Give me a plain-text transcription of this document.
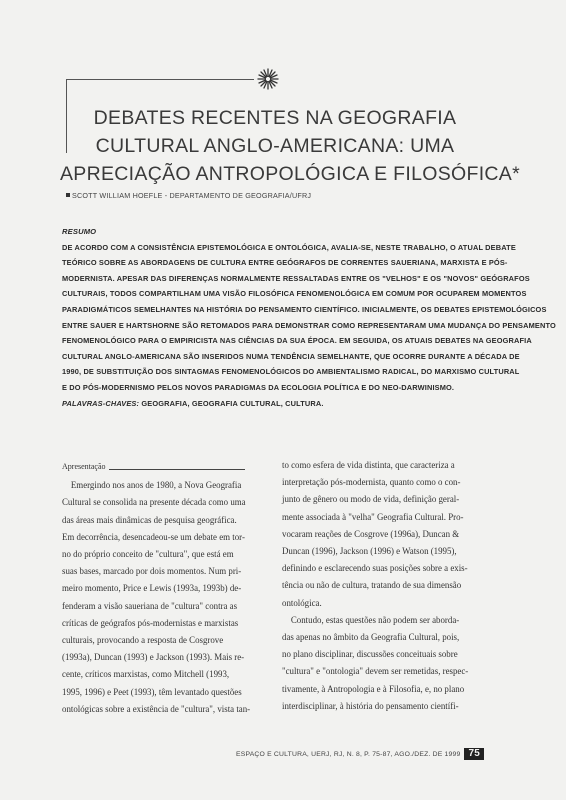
DEBATES RECENTES NA GEOGRAFIA
CULTURAL ANGLO-AMERICANA: UMA
APRECIAÇÃO ANTROPOLÓGICA E FILOSÓFICA*
SCOTT WILLIAM HOEFLE - DEPARTAMENTO DE GEOGRAFIA/UFRJ
RESUMO
DE ACORDO COM A CONSISTÊNCIA EPISTEMOLÓGICA E ONTOLÓGICA, AVALIA-SE, NESTE TRABALHO, O ATUAL DEBATE
TEÓRICO SOBRE AS ABORDAGENS DE CULTURA ENTRE GEÓGRAFOS DE CORRENTES SAUERIANA, MARXISTA E PÓS-
MODERNISTA. APESAR DAS DIFERENÇAS NORMALMENTE RESSALTADAS ENTRE OS "VELHOS" E OS "NOVOS" GEÓGRAFOS
CULTURAIS, TODOS COMPARTILHAM UMA VISÃO FILOSÓFICA FENOMENOLÓGICA EM COMUM POR OCUPAREM MOMENTOS
PARADIGMÁTICOS SEMELHANTES NA HISTÓRIA DO PENSAMENTO CIENTÍFICO. INICIALMENTE, OS DEBATES EPISTEMOLÓGICOS
ENTRE SAUER E HARTSHORNE SÃO RETOMADOS PARA DEMONSTRAR COMO REPRESENTARAM UMA MUDANÇA DO PENSAMENTO
FENOMENOLÓGICO PARA O EMPIRICISTA NAS CIÊNCIAS DA SUA ÉPOCA. EM SEGUIDA, OS ATUAIS DEBATES NA GEOGRAFIA
CULTURAL ANGLO-AMERICANA SÃO INSERIDOS NUMA TENDÊNCIA SEMELHANTE, QUE OCORRE DURANTE A DÉCADA DE
1990, DE SUBSTITUIÇÃO DOS SINTAGMAS FENOMENOLÓGICOS DO AMBIENTALISMO RADICAL, DO MARXISMO CULTURAL
E DO PÓS-MODERNISMO PELOS NOVOS PARADIGMAS DA ECOLOGIA POLÍTICA E DO NEO-DARWINISMO.
PALAVRAS-CHAVES: GEOGRAFIA, GEOGRAFIA CULTURAL, CULTURA.
Apresentação
Emergindo nos anos de 1980, a Nova Geografia
Cultural se consolida na presente década como uma
das áreas mais dinâmicas de pesquisa geográfica.
Em decorrência, desencadeou-se um debate em tor-
no do próprio conceito de "cultura", que está em
suas bases, marcado por dois momentos. Num pri-
meiro momento, Price e Lewis (1993a, 1993b) de-
fenderam a visão saueriana de "cultura" contra as
críticas de geógrafos pós-modernistas e marxistas
culturais, provocando a resposta de Cosgrove
(1993a), Duncan (1993) e Jackson (1993). Mais re-
cente, críticos marxistas, como Mitchell (1993,
1995, 1996) e Peet (1993), têm levantado questões
ontológicas sobre a existência de "cultura", vista tan-
to como esfera de vida distinta, que caracteriza a
interpretação pós-modernista, quanto como o con-
junto de gênero ou modo de vida, definição geral-
mente associada à "velha" Geografia Cultural. Pro-
vocaram reações de Cosgrove (1996a), Duncan &
Duncan (1996), Jackson (1996) e Watson (1995),
definindo e esclarecendo suas posições sobre a exis-
tência ou não de cultura, tratando de sua dimensão
ontológica.
Contudo, estas questões não podem ser aborda-
das apenas no âmbito da Geografia Cultural, pois,
no plano disciplinar, discussões conceituais sobre
"cultura" e "ontologia" devem ser remetidas, respec-
tivamente, à Antropologia e à Filosofia, e, no plano
interdisciplinar, à história do pensamento científi-
ESPAÇO E CULTURA, UERJ, RJ, N. 8, P. 75-87, AGO./DEZ. DE 1999 75
